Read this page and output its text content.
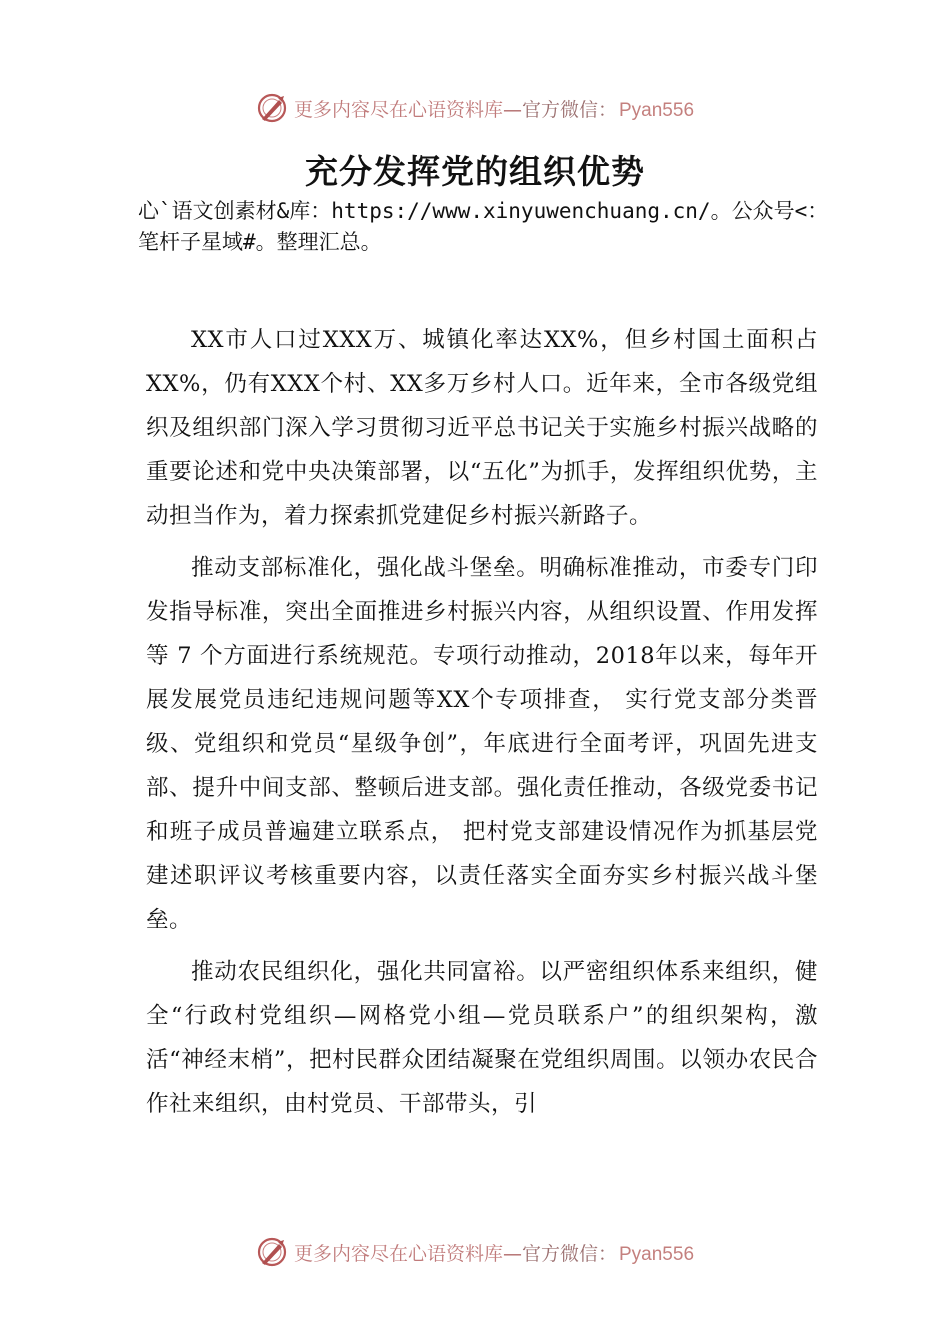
更多内容尽在心语资料库—官方微信： Pyan556
充分发挥党的组织优势
心`语文创素材&库：https://www.xinyuwenchuang.cn/。公众号<：笔杆子星域#。整理汇总。

XX市人口过XXX万、城镇化率达XX%，但乡村国土面积占XX%，仍有XXX个村、XX多万乡村人口。近年来，全市各级党组织及组织部门深入学习贯彻习近平总书记关于实施乡村振兴战略的重要论述和党中央决策部署，以“五化”为抓手，发挥组织优势，主动担当作为，着力探索抓党建促乡村振兴新路子。

推动支部标准化，强化战斗堡垒。明确标准推动，市委专门印发指导标准，突出全面推进乡村振兴内容，从组织设置、作用发挥等 7 个方面进行系统规范。专项行动推动，2018年以来，每年开展发展党员违纪违规问题等XX个专项排查， 实行党支部分类晋级、党组织和党员“星级争创”，年底进行全面考评，巩固先进支部、提升中间支部、整顿后进支部。强化责任推动，各级党委书记和班子成员普遍建立联系点， 把村党支部建设情况作为抓基层党建述职评议考核重要内容，以责任落实全面夯实乡村振兴战斗堡垒。

推动农民组织化，强化共同富裕。以严密组织体系来组织，健全“行政村党组织—网格党小组—党员联系户”的组织架构，激活“神经末梢”，把村民群众团结凝聚在党组织周围。以领办农民合作社来组织，由村党员、干部带头，引

更多内容尽在心语资料库—官方微信： Pyan556
